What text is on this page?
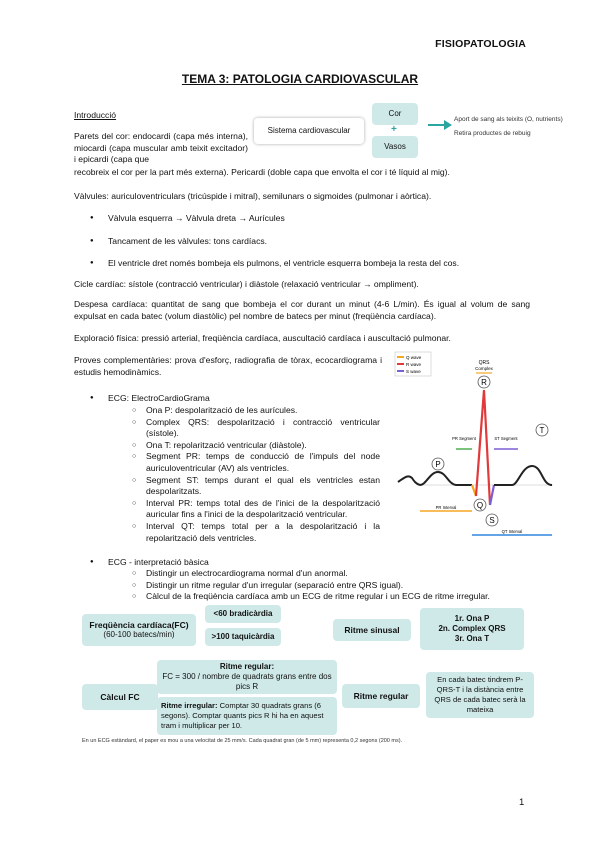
FISIOPATOLOGIA
TEMA 3: PATOLOGIA CARDIOVASCULAR
Introducció
Parets del cor: endocardi (capa més interna), miocardi (capa muscular amb teixit excitador) i epicardi (capa que
recobreix el cor per la part més externa). Pericardi (doble capa que envolta el cor i té líquid al mig).
Sistema cardiovascular
Cor
+
Vasos
Aport de sang als teixits (O, nutrients)
Retira productes de rebuig
Vàlvules: auriculoventriculars (tricúspide i mitral), semilunars o sigmoides (pulmonar i aòrtica).
● Vàlvula esquerra → Vàlvula dreta → Aurícules
● Tancament de les vàlvules: tons cardíacs.
● El ventricle dret només bombeja els pulmons, el ventricle esquerra bombeja la resta del cos.
Cicle cardíac: sístole (contracció ventricular) i diàstole (relaxació ventricular → ompliment).
Despesa cardíaca: quantitat de sang que bombeja el cor durant un minut (4-6 L/min). És igual al volum de sang expulsat en cada batec (volum diastòlic) pel nombre de batecs per minut (freqüència cardíaca).
Exploració física: pressió arterial, freqüència cardíaca, auscultació cardíaca i auscultació pulmonar.
Proves complementàries: prova d'esforç, radiografia de tòrax, ecocardiograma i estudis hemodinàmics.
● ECG: ElectroCardioGrama
○ Ona P: despolarització de les aurícules.
○ Complex QRS: despolarització i contracció ventricular (sístole).
○ Ona T: repolarització ventricular (diàstole).
○ Segment PR: temps de conducció de l'impuls del node auriculoventricular (AV) als ventricles.
○ Segment ST: temps durant el qual els ventricles estan despolaritzats.
○ Interval PR: temps total des de l'inici de la despolarització auricular fins a l'inici de la despolarització ventricular.
○ Interval QT: temps total per a la despolarització i la repolarització dels ventricles.
Q wave
R wave
S wave
QRS
Complex
PR Segment	ST Segment
PR Interval
QT Interval
P
R
Q
S
T
● ECG - interpretació bàsica
○ Distingir un electrocardiograma normal d'un anormal.
○ Distingir un ritme regular d'un irregular (separació entre QRS igual).
○ Càlcul de la freqüència cardíaca amb un ECG de ritme regular i un ECG de ritme irregular.
Freqüència cardíaca(FC)
(60-100 batecs/min)
<60 bradicàrdia
>100 taquicàrdia
Ritme sinusal
1r. Ona P
2n. Complex QRS
3r. Ona T
Càlcul FC
Ritme regular:
FC = 300 / nombre de quadrats grans entre dos pics R
Ritme irregular: Comptar 30 quadrats grans (6 segons). Comptar quants pics R hi ha en aquest tram i multiplicar per 10.
Ritme regular
En cada batec tindrem P-QRS-T i la distància entre QRS de cada batec serà la mateixa
En un ECG estàndard, el paper es mou a una velocitat de 25 mm/s. Cada quadrat gran (de 5 mm) representa 0,2 segons (200 ms).
1
